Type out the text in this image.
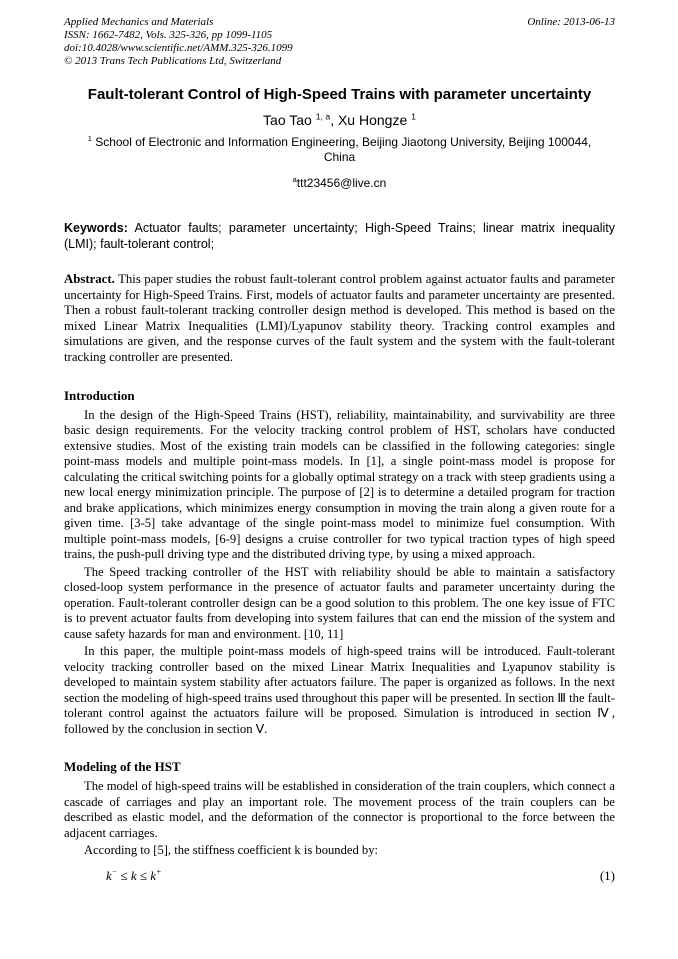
Applied Mechanics and Materials
ISSN: 1662-7482, Vols. 325-326, pp 1099-1105
doi:10.4028/www.scientific.net/AMM.325-326.1099
© 2013 Trans Tech Publications Ltd, Switzerland
Online: 2013-06-13
Fault-tolerant Control of High-Speed Trains with parameter uncertainty
Tao Tao $^{1, a}$, Xu Hongze $^1$
$^1$ School of Electronic and Information Engineering, Beijing Jiaotong University, Beijing 100044, China
$^a$ttt23456@live.cn

Keywords: Actuator faults; parameter uncertainty; High-Speed Trains; linear matrix inequality (LMI); fault-tolerant control;

Abstract. This paper studies the robust fault-tolerant control problem against actuator faults and parameter uncertainty for High-Speed Trains. First, models of actuator faults and parameter uncertainty are presented. Then a robust fault-tolerant tracking controller design method is developed. This method is based on the mixed Linear Matrix Inequalities (LMI)/Lyapunov stability theory. Tracking control examples and simulations are given, and the response curves of the fault system and the system with the fault-tolerant tracking controller are presented.

Introduction

In the design of the High-Speed Trains (HST), reliability, maintainability, and survivability are three basic design requirements. For the velocity tracking control problem of HST, scholars have conducted extensive studies. Most of the existing train models can be classified in the following categories: single point-mass models and multiple point-mass models. In [1], a single point-mass model is propose for calculating the critical switching points for a globally optimal strategy on a track with steep gradients using a new local energy minimization principle. The purpose of [2] is to determine a detailed program for traction and brake applications, which minimizes energy consumption in moving the train along a given route for a given time. [3-5] take advantage of the single point-mass model to minimize fuel consumption. With multiple point-mass models, [6-9] designs a cruise controller for two typical traction types of high speed trains, the push-pull driving type and the distributed driving type, by using a mixed approach.

The Speed tracking controller of the HST with reliability should be able to maintain a satisfactory closed-loop system performance in the presence of actuator faults and parameter uncertainty during the operation. Fault-tolerant controller design can be a good solution to this problem. The one key issue of FTC is to prevent actuator faults from developing into system failures that can end the mission of the system and cause safety hazards for man and environment. [10, 11]

In this paper, the multiple point-mass models of high-speed trains will be introduced. Fault-tolerant velocity tracking controller based on the mixed Linear Matrix Inequalities and Lyapunov stability is developed to maintain system stability after actuators failure. The paper is organized as follows. In the next section the modeling of high-speed trains used throughout this paper will be presented. In section Ⅲ the fault-tolerant control against the actuators failure will be proposed. Simulation is introduced in section Ⅳ, followed by the conclusion in section Ⅴ.

Modeling of the HST

The model of high-speed trains will be established in consideration of the train couplers, which connect a cascade of carriages and play an important role. The movement process of the train couplers can be described as elastic model, and the deformation of the connector is proportional to the force between the adjacent carriages.

According to [5], the stiffness coefficient k is bounded by:

k− ≤ k ≤ k+	(1)
